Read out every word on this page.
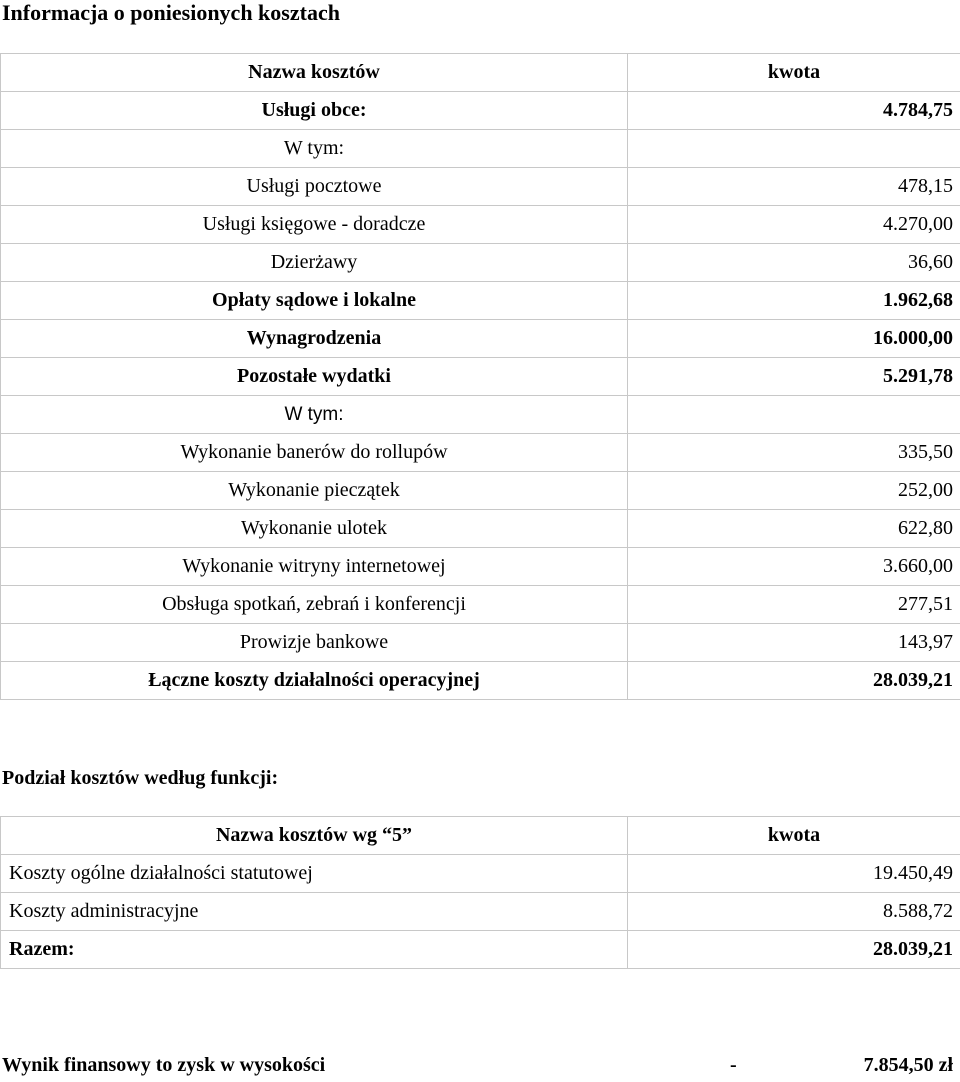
Informacja o poniesionych kosztach
Nazwa kosztów	kwota
Usługi obce:	4.784,75
W tym:	
Usługi pocztowe	478,15
Usługi księgowe - doradcze	4.270,00
Dzierżawy	36,60
Opłaty sądowe i lokalne	1.962,68
Wynagrodzenia	16.000,00
Pozostałe wydatki	5.291,78
W tym:	
Wykonanie banerów do rollupów	335,50
Wykonanie pieczątek	252,00
Wykonanie ulotek	622,80
Wykonanie witryny internetowej	3.660,00
Obsługa spotkań, zebrań i konferencji	277,51
Prowizje bankowe	143,97
Łączne koszty działalności operacyjnej	28.039,21
Podział kosztów według funkcji:
Nazwa kosztów wg “5”	kwota
Koszty ogólne działalności statutowej	19.450,49
Koszty administracyjne	8.588,72
Razem:	28.039,21
Wynik finansowy to zysk w wysokości	-	7.854,50 zł
